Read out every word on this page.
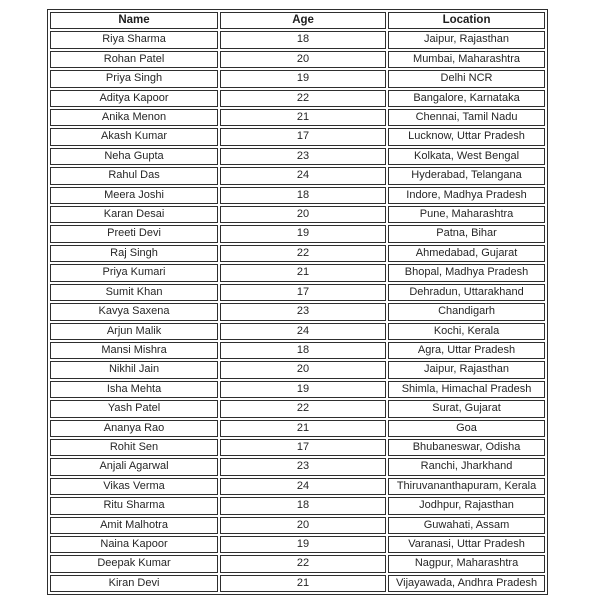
Name	Age	Location
Riya Sharma	18	Jaipur, Rajasthan
Rohan Patel	20	Mumbai, Maharashtra
Priya Singh	19	Delhi NCR
Aditya Kapoor	22	Bangalore, Karnataka
Anika Menon	21	Chennai, Tamil Nadu
Akash Kumar	17	Lucknow, Uttar Pradesh
Neha Gupta	23	Kolkata, West Bengal
Rahul Das	24	Hyderabad, Telangana
Meera Joshi	18	Indore, Madhya Pradesh
Karan Desai	20	Pune, Maharashtra
Preeti Devi	19	Patna, Bihar
Raj Singh	22	Ahmedabad, Gujarat
Priya Kumari	21	Bhopal, Madhya Pradesh
Sumit Khan	17	Dehradun, Uttarakhand
Kavya Saxena	23	Chandigarh
Arjun Malik	24	Kochi, Kerala
Mansi Mishra	18	Agra, Uttar Pradesh
Nikhil Jain	20	Jaipur, Rajasthan
Isha Mehta	19	Shimla, Himachal Pradesh
Yash Patel	22	Surat, Gujarat
Ananya Rao	21	Goa
Rohit Sen	17	Bhubaneswar, Odisha
Anjali Agarwal	23	Ranchi, Jharkhand
Vikas Verma	24	Thiruvananthapuram, Kerala
Ritu Sharma	18	Jodhpur, Rajasthan
Amit Malhotra	20	Guwahati, Assam
Naina Kapoor	19	Varanasi, Uttar Pradesh
Deepak Kumar	22	Nagpur, Maharashtra
Kiran Devi	21	Vijayawada, Andhra Pradesh
